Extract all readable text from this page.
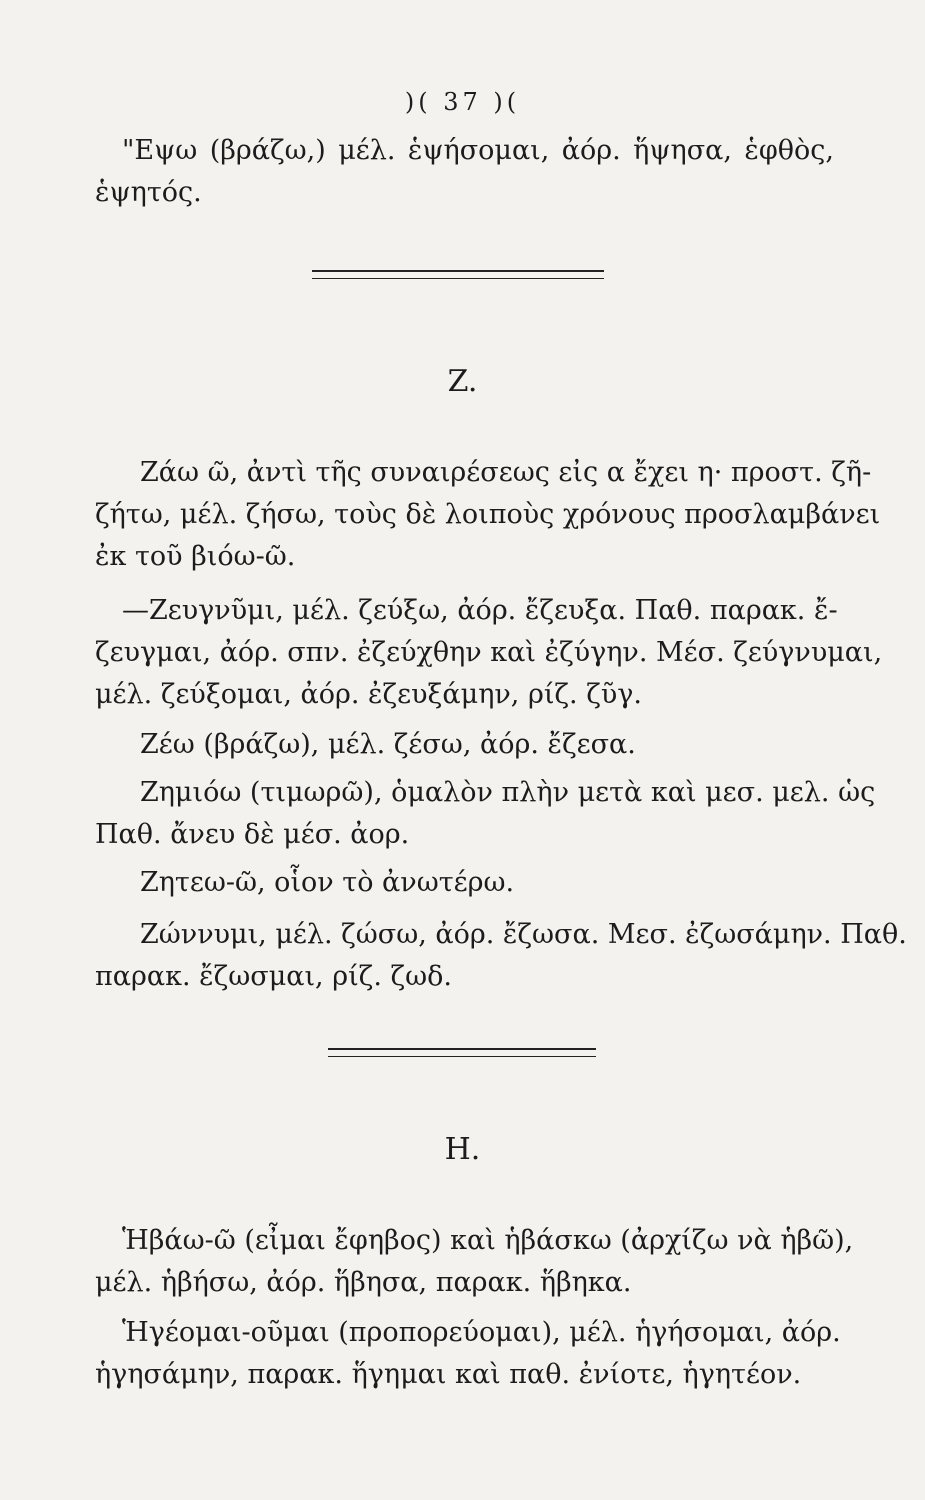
)( 37 )(
"Εψω (βράζω,) μέλ. ἑψήσομαι, ἀόρ. ἥψησα, ἑφθὸς,
ἑψητός.
Z.
Ζάω ῶ, ἀντὶ τῆς συναιρέσεως εἰς α ἔχει η· προστ. ζῆ-
ζήτω, μέλ. ζήσω, τοὺς δὲ λοιποὺς χρόνους προσλαμβάνει
ἐκ τοῦ βιόω-ῶ.
—Ζευγνῦμι, μέλ. ζεύξω, ἀόρ. ἔζευξα. Παθ. παρακ. ἔ-
ζευγμαι, ἀόρ. σπν. ἐζεύχθην καὶ ἐζύγην. Μέσ. ζεύγνυμαι,
μέλ. ζεύξομαι, ἀόρ. ἐζευξάμην, ρίζ. ζῦγ.
Ζέω (βράζω), μέλ. ζέσω, ἀόρ. ἔζεσα.
Ζημιόω (τιμωρῶ), ὁμαλὸν πλὴν μετὰ καὶ μεσ. μελ. ὡς
Παθ. ἄνευ δὲ μέσ. ἀορ.
Ζητεω-ῶ, οἷον τὸ ἀνωτέρω.
Ζώννυμι, μέλ. ζώσω, ἀόρ. ἔζωσα. Μεσ. ἐζωσάμην. Παθ.
παρακ. ἔζωσμαι, ρίζ. ζωδ.
H.
Ἡβάω-ῶ (εἶμαι ἔφηβος) καὶ ἡβάσκω (ἀρχίζω νὰ ἡβῶ),
μέλ. ἡβήσω, ἀόρ. ἥβησα, παρακ. ἥβηκα.
Ἡγέομαι-οῦμαι (προπορεύομαι), μέλ. ἡγήσομαι, ἀόρ.
ἡγησάμην, παρακ. ἥγημαι καὶ παθ. ἐνίοτε, ἡγητέον.
